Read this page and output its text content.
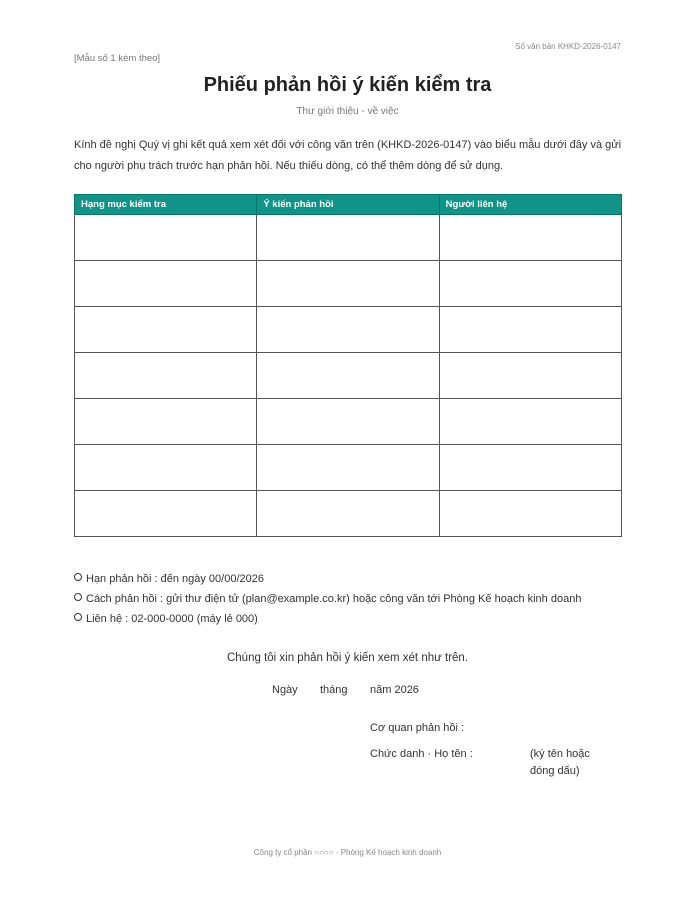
Số văn bản KHKD-2026-0147
[Mẫu số 1 kèm theo]
Phiếu phản hồi ý kiến kiểm tra
Thư giới thiệu - về việc
Kính đề nghị Quý vị ghi kết quả xem xét đối với công văn trên (KHKD-2026-0147) vào biểu mẫu dưới đây và gửi cho người phụ trách trước hạn phản hồi. Nếu thiếu dòng, có thể thêm dòng để sử dụng.
Hạng mục kiểm tra	Ý kiến phản hồi	Người liên hệ

Hạn phản hồi : đến ngày 00/00/2026
Cách phản hồi : gửi thư điện tử (plan@example.co.kr) hoặc công văn tới Phòng Kế hoạch kinh doanh
Liên hệ : 02-000-0000 (máy lẻ 000)
Chúng tôi xin phản hồi ý kiến xem xét như trên.
Ngày tháng năm 2026
Cơ quan phản hồi :
Chức danh · Họ tên :	(ký tên hoặc đóng dấu)
Công ty cổ phần ○○○○ · Phòng Kế hoạch kinh doanh
